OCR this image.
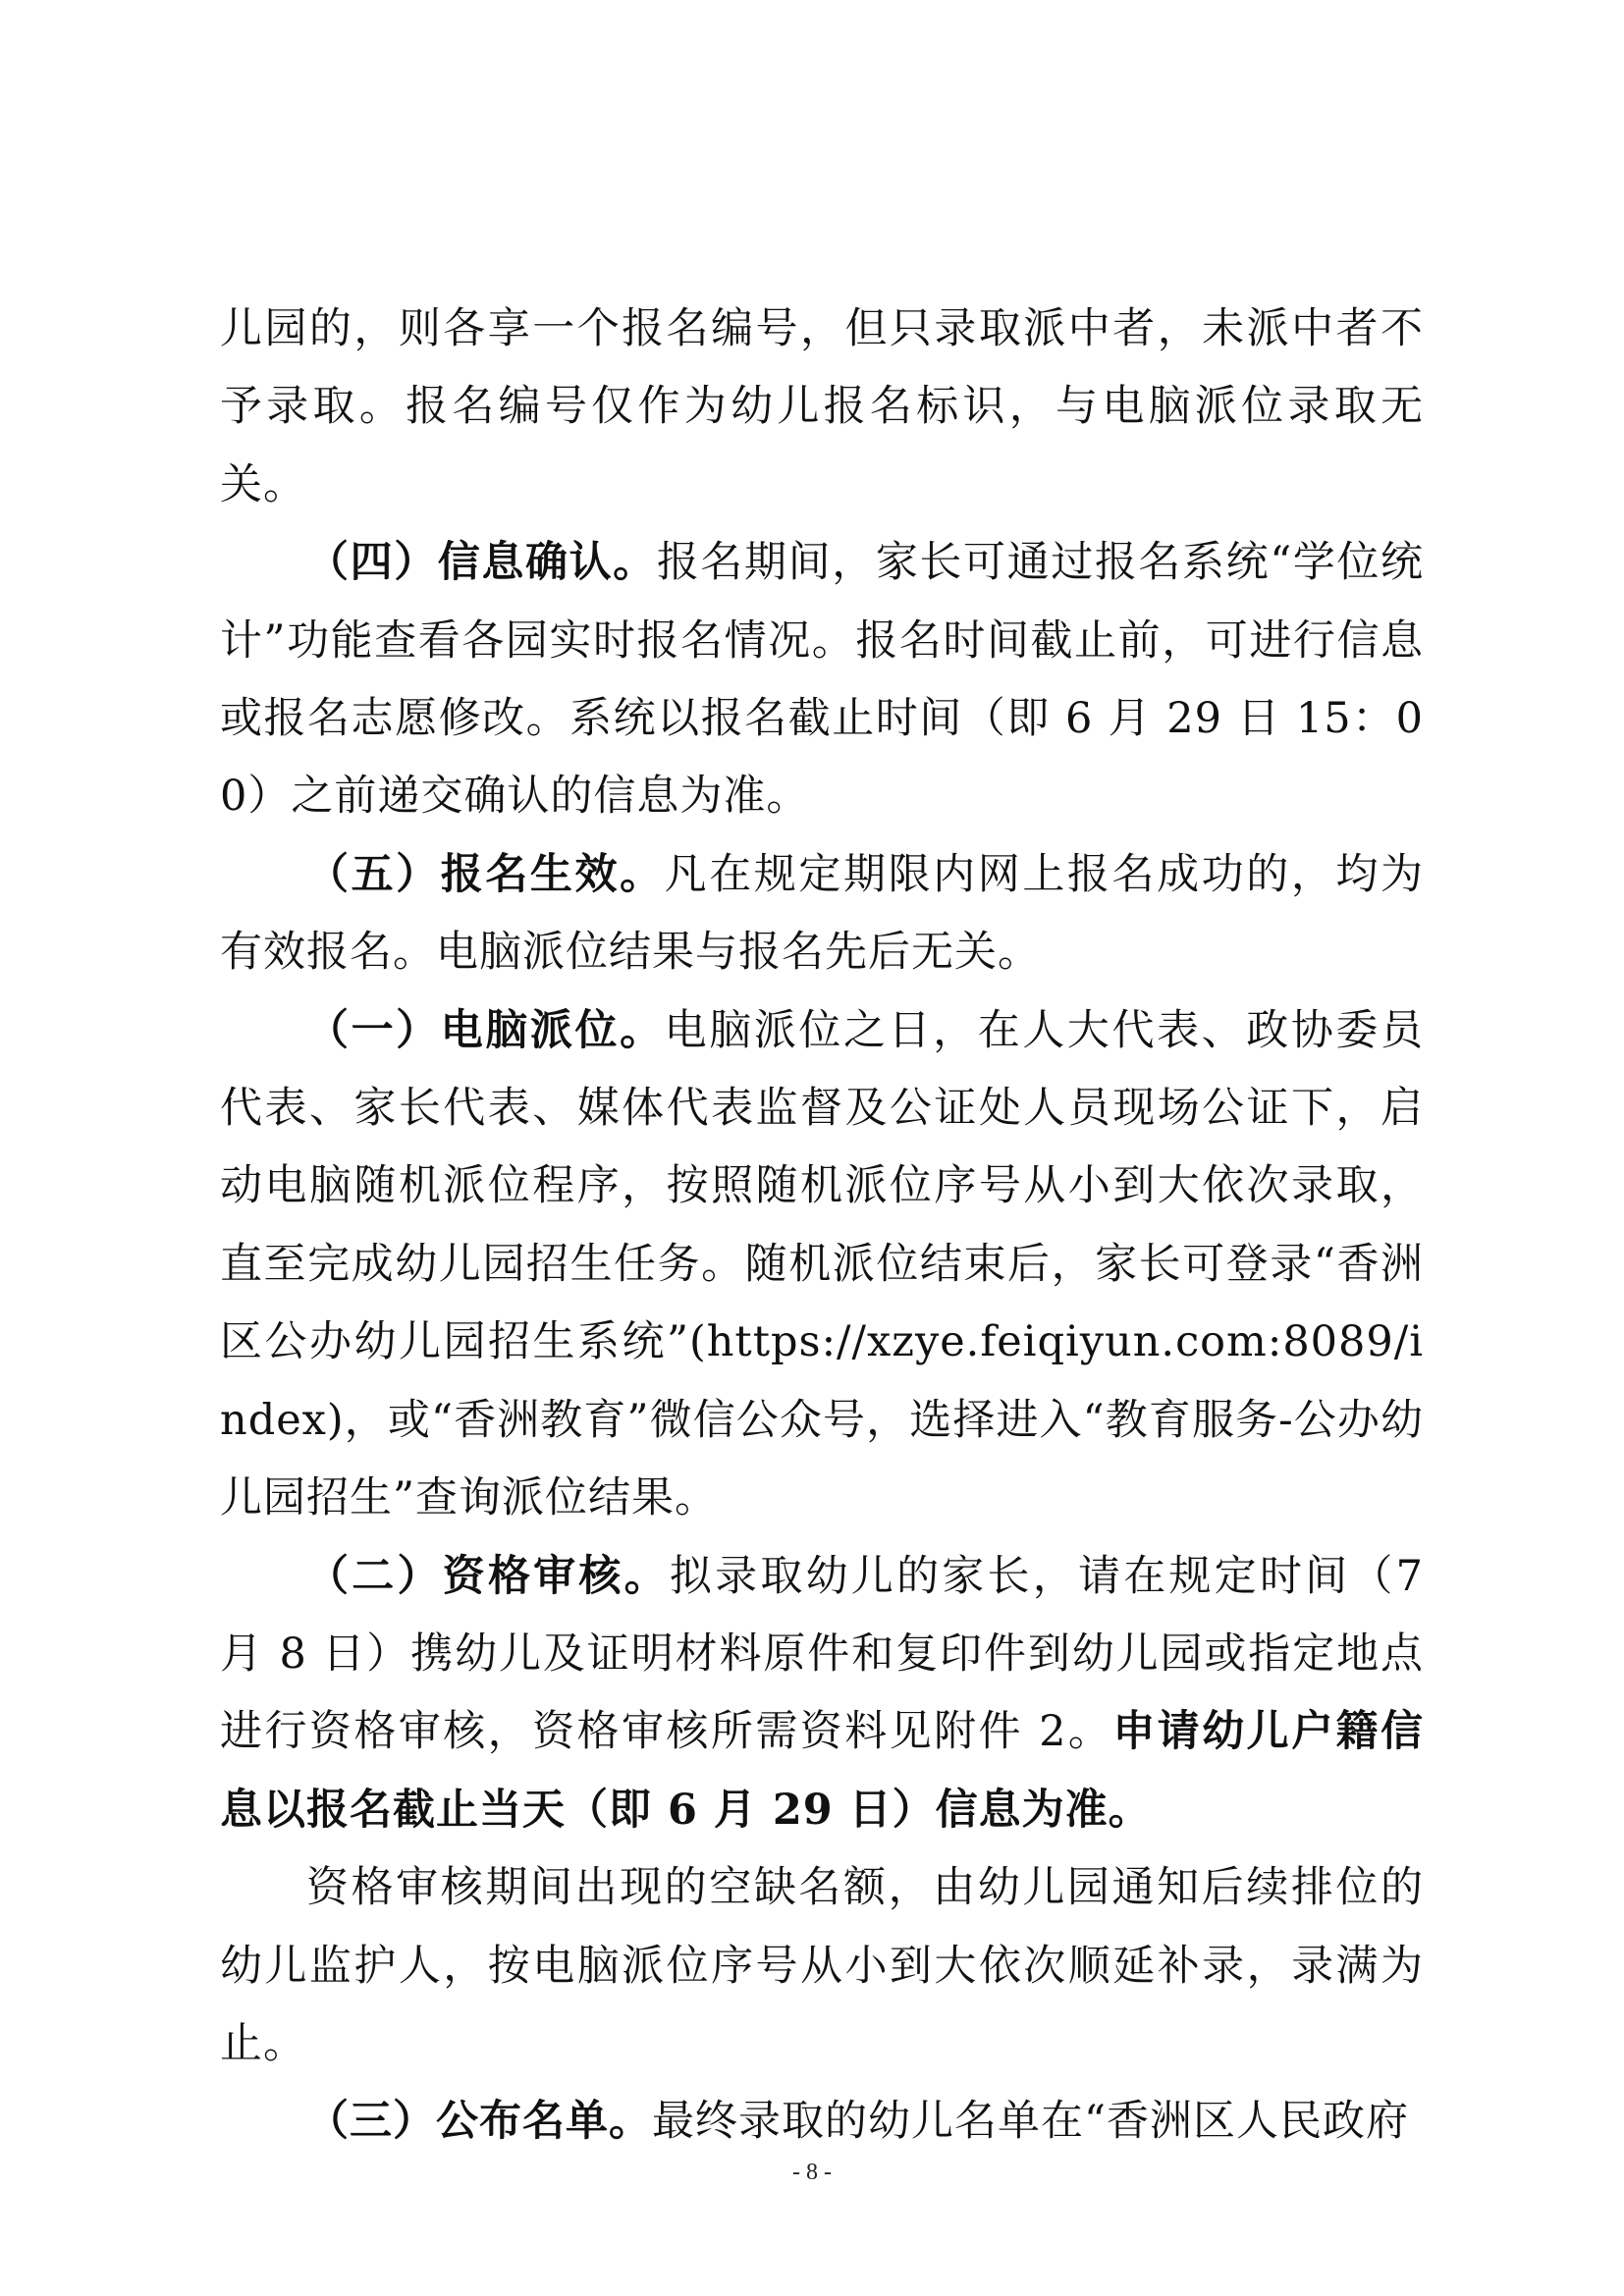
儿园的，则各享一个报名编号，但只录取派中者，未派中者不予录取。报名编号仅作为幼儿报名标识，与电脑派位录取无关。

（四）信息确认。报名期间，家长可通过报名系统“学位统计”功能查看各园实时报名情况。报名时间截止前，可进行信息或报名志愿修改。系统以报名截止时间（即 6 月 29 日 15：00）之前递交确认的信息为准。

（五）报名生效。凡在规定期限内网上报名成功的，均为有效报名。电脑派位结果与报名先后无关。

（一）电脑派位。电脑派位之日，在人大代表、政协委员代表、家长代表、媒体代表监督及公证处人员现场公证下，启动电脑随机派位程序，按照随机派位序号从小到大依次录取，直至完成幼儿园招生任务。随机派位结束后，家长可登录“香洲区公办幼儿园招生系统”(https://xzye.feiqiyun.com:8089/index)，或“香洲教育”微信公众号，选择进入“教育服务-公办幼儿园招生”查询派位结果。

（二）资格审核。拟录取幼儿的家长，请在规定时间（7 月 8 日）携幼儿及证明材料原件和复印件到幼儿园或指定地点进行资格审核，资格审核所需资料见附件 2。申请幼儿户籍信息以报名截止当天（即 6 月 29 日）信息为准。

资格审核期间出现的空缺名额，由幼儿园通知后续排位的幼儿监护人，按电脑派位序号从小到大依次顺延补录，录满为止。

（三）公布名单。最终录取的幼儿名单在“香洲区人民政府

- 8 -
